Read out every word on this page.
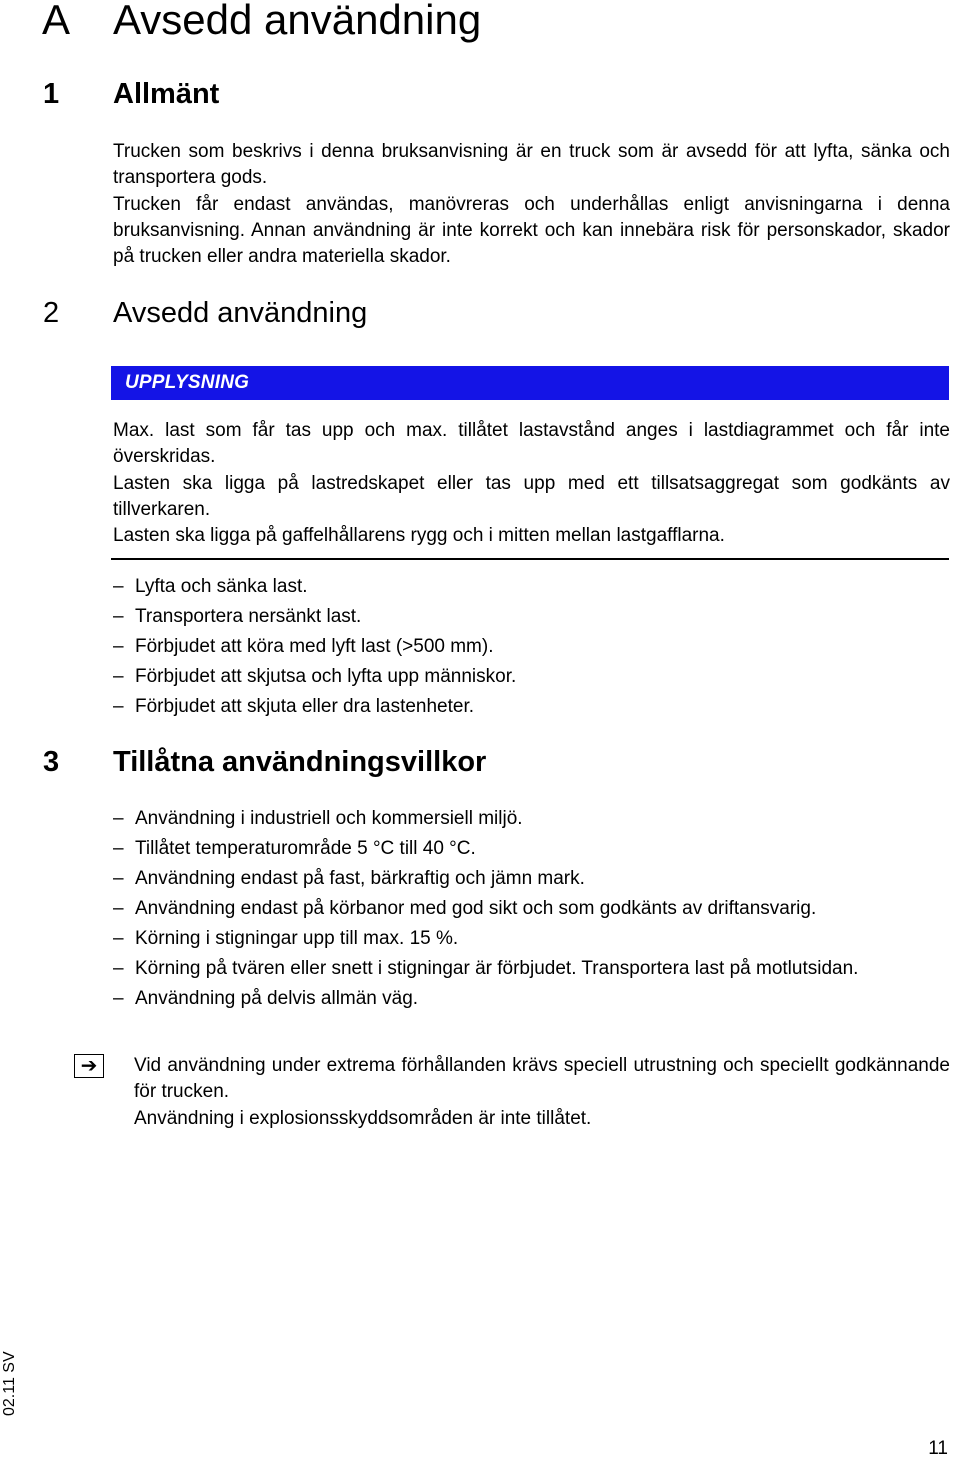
A Avsedd användning
1 Allmänt

Trucken som beskrivs i denna bruksanvisning är en truck som är avsedd för att lyfta, sänka och transportera gods.

Trucken får endast användas, manövreras och underhållas enligt anvisningarna i denna bruksanvisning. Annan användning är inte korrekt och kan innebära risk för personskador, skador på trucken eller andra materiella skador.

2 Avsedd användning
UPPLYSNING

Max. last som får tas upp och max. tillåtet lastavstånd anges i lastdiagrammet och får inte överskridas.

Lasten ska ligga på lastredskapet eller tas upp med ett tillsatsaggregat som godkänts av tillverkaren.

Lasten ska ligga på gaffelhållarens rygg och i mitten mellan lastgafflarna.

– Lyfta och sänka last.
– Transportera nersänkt last.
– Förbjudet att köra med lyft last (>500 mm).
– Förbjudet att skjutsa och lyfta upp människor.
– Förbjudet att skjuta eller dra lastenheter.
3 Tillåtna användningsvillkor
– Användning i industriell och kommersiell miljö.
– Tillåtet temperaturområde 5 °C till 40 °C.
– Användning endast på fast, bärkraftig och jämn mark.
– Användning endast på körbanor med god sikt och som godkänts av driftansvarig.
– Körning i stigningar upp till max. 15 %.
– Körning på tvären eller snett i stigningar är förbjudet. Transportera last på motlutsidan.
– Användning på delvis allmän väg.
➔ Vid användning under extrema förhållanden krävs speciell utrustning och speciellt godkännande för trucken.

Användning i explosionsskyddsområden är inte tillåtet.

02.11 SV
11
